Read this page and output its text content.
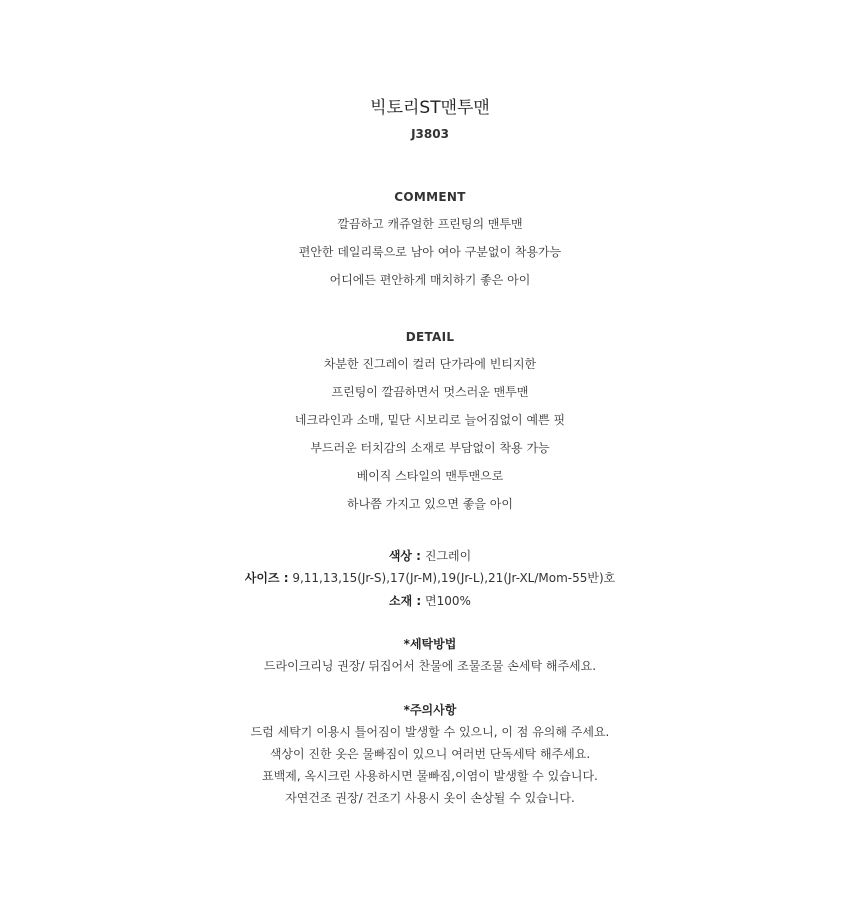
빅토리ST맨투맨
J3803
COMMENT
깔끔하고 캐쥬얼한 프린팅의 맨투맨
편안한 데일리룩으로 남아 여아 구분없이 착용가능
어디에든 편안하게 매치하기 좋은 아이
DETAIL
차분한 진그레이 컬러 단가라에 빈티지한
프린팅이 깔끔하면서 멋스러운 맨투맨
네크라인과 소매, 밑단 시보리로 늘어짐없이 예쁜 핏
부드러운 터치감의 소재로 부담없이 착용 가능
베이직 스타일의 맨투맨으로
하나쯤 가지고 있으면 좋을 아이
색상 : 진그레이
사이즈 : 9,11,13,15(Jr-S),17(Jr-M),19(Jr-L),21(Jr-XL/Mom-55반)호
소재 : 면100%
*세탁방법
드라이크리닝 권장/ 뒤집어서 찬물에 조물조물 손세탁 해주세요.
*주의사항
드럼 세탁기 이용시 틀어짐이 발생할 수 있으니, 이 점 유의해 주세요.
색상이 진한 옷은 물빠짐이 있으니 여러번 단독세탁 해주세요.
표백제, 옥시크린 사용하시면 물빠짐,이염이 발생할 수 있습니다.
자연건조 권장/ 건조기 사용시 옷이 손상될 수 있습니다.
